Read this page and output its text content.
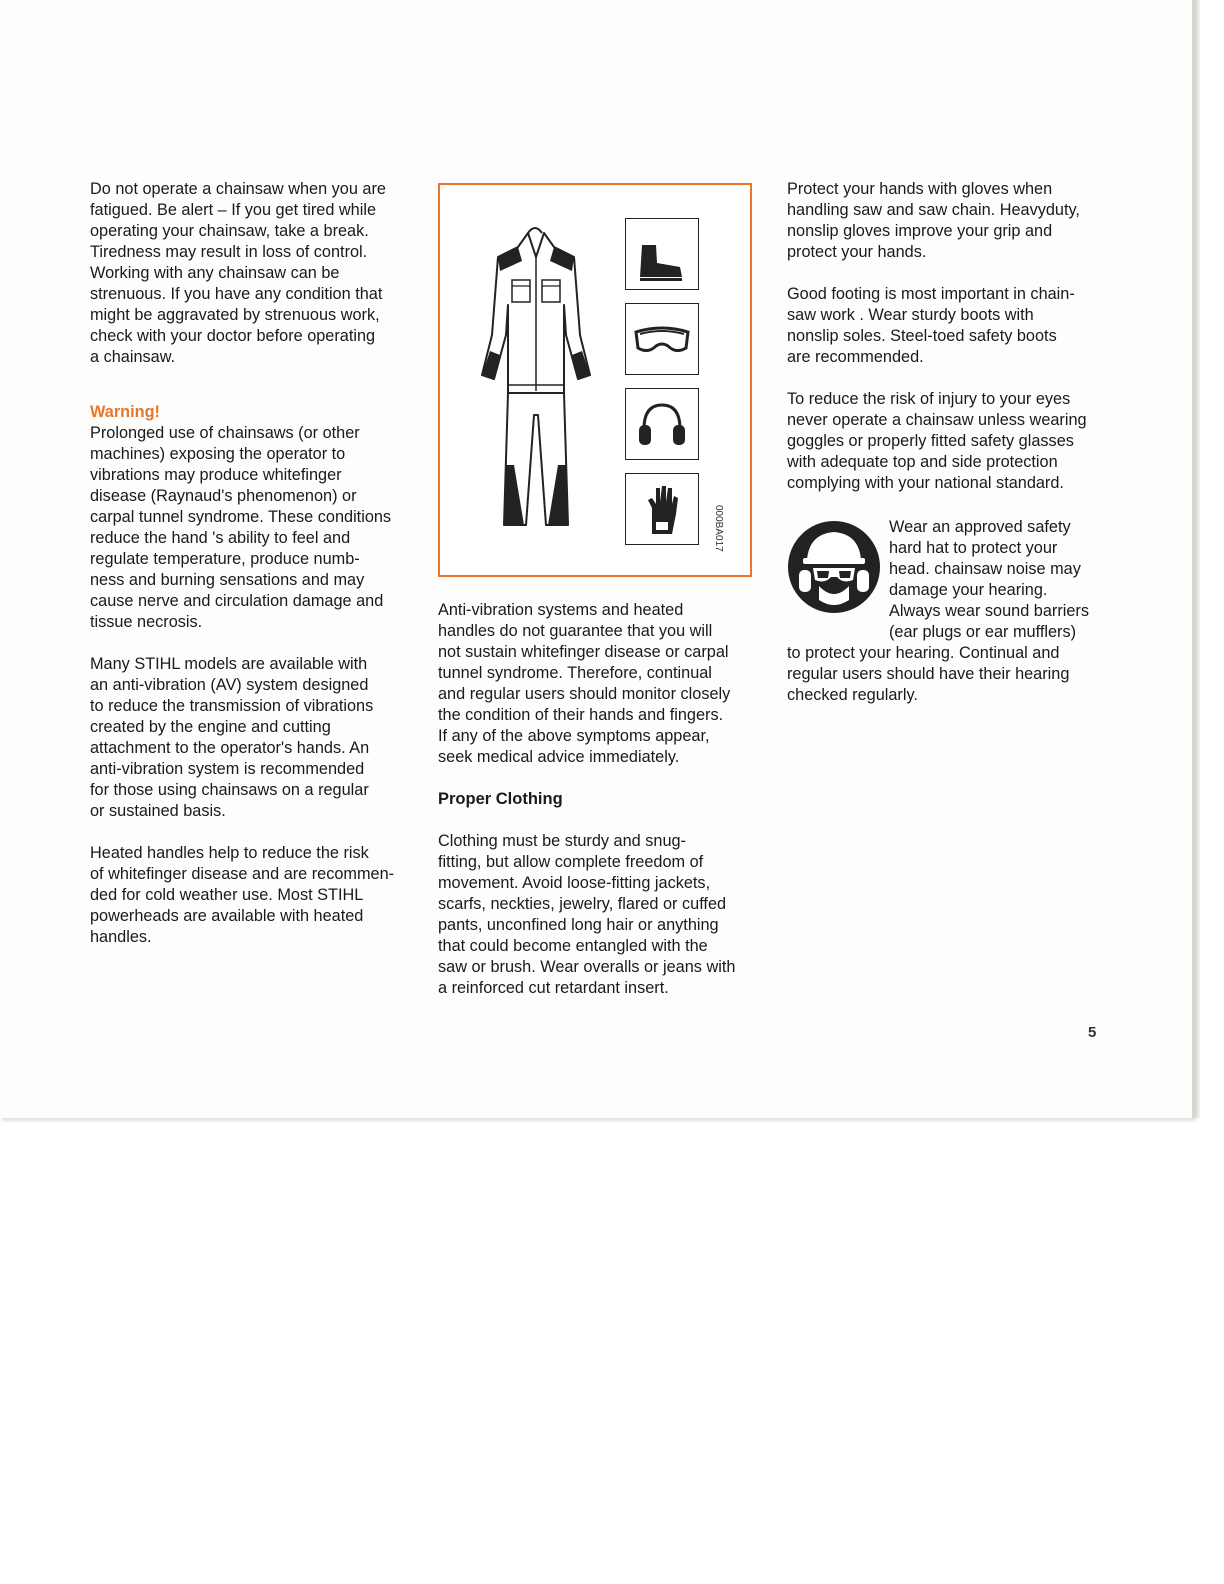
Do not operate a chainsaw when you are
fatigued. Be alert – If you get tired while
operating your chainsaw, take a break.
Tiredness may result in loss of control.
Working with any chainsaw can be
strenuous. If you have any condition that
might be aggravated by strenuous work,
check with your doctor before operating
a chainsaw.

Warning!

Prolonged use of chainsaws (or other
machines) exposing the operator to
vibrations may produce whitefinger
disease (Raynaud's phenomenon) or
carpal tunnel syndrome. These conditions
reduce the hand 's ability to feel and
regulate temperature, produce numb-
ness and burning sensations and may
cause nerve and circulation damage and
tissue necrosis.

Many STIHL models are available with
an anti-vibration (AV) system designed
to reduce the transmission of vibrations
created by the engine and cutting
attachment to the operator's hands. An
anti-vibration system is recommended
for those using chainsaws on a regular
or sustained basis.

Heated handles help to reduce the risk
of whitefinger disease and are recommen-
ded for cold weather use. Most STIHL
powerheads are available with heated
handles.

000BA017

Anti-vibration systems and heated
handles do not guarantee that you will
not sustain whitefinger disease or carpal
tunnel syndrome. Therefore, continual
and regular users should monitor closely
the condition of their hands and fingers.
If any of the above symptoms appear,
seek medical advice immediately.

Proper Clothing

Clothing must be sturdy and snug-
fitting, but allow complete freedom of
movement. Avoid loose-fitting jackets,
scarfs, neckties, jewelry, flared or cuffed
pants, unconfined long hair or anything
that could become entangled with the
saw or brush. Wear overalls or jeans with
a reinforced cut retardant insert.

Protect your hands with gloves when
handling saw and saw chain. Heavyduty,
nonslip gloves improve your grip and
protect your hands.

Good footing is most important in chain-
saw work . Wear sturdy boots with
nonslip soles. Steel-toed safety boots
are recommended.

To reduce the risk of injury to your eyes
never operate a chainsaw unless wearing
goggles or properly fitted safety glasses
with adequate top and side protection
complying with your national standard.

Wear an approved safety
hard hat to protect your
head. chainsaw noise may
damage your hearing.
Always wear sound barriers
(ear plugs or ear mufflers)
to protect your hearing. Continual and
regular users should have their hearing
checked regularly.
5
